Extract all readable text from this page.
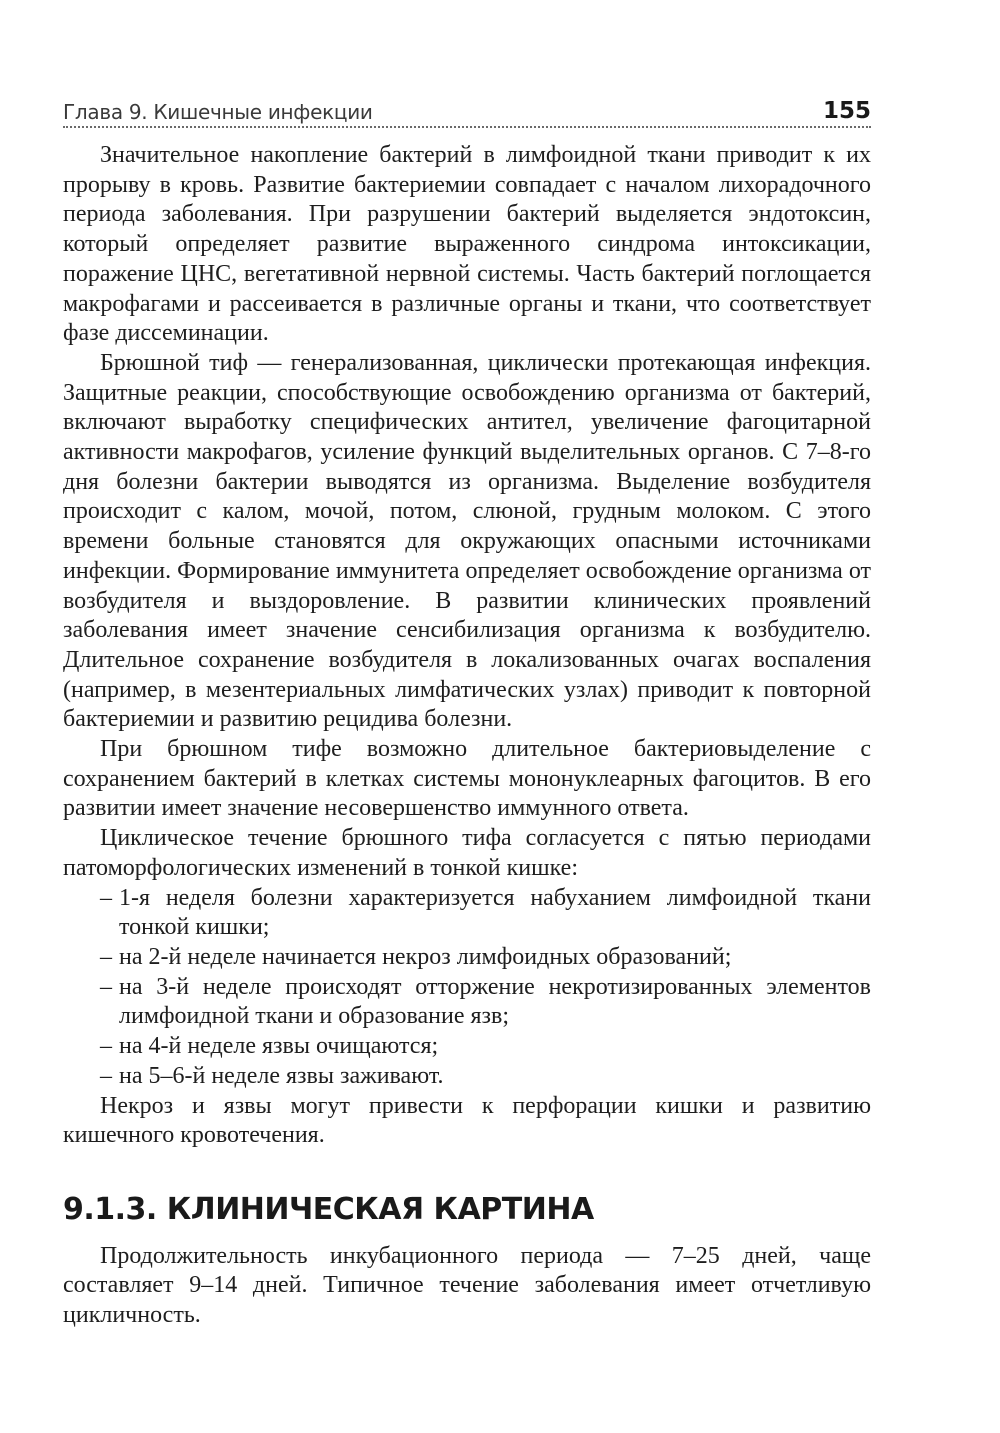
Глава 9. Кишечные инфекции	155

Значительное накопление бактерий в лимфоидной ткани приводит к их прорыву в кровь. Развитие бактериемии совпадает с началом лихорадочного периода заболевания. При разрушении бактерий выделяется эндотоксин, который определяет развитие выраженного синдрома интоксикации, поражение ЦНС, вегетативной нервной системы. Часть бактерий поглощается макрофагами и рассеивается в различные органы и ткани, что соответствует фазе диссеминации.

Брюшной тиф — генерализованная, циклически протекающая инфекция. Защитные реакции, способствующие освобождению организма от бактерий, включают выработку специфических антител, увеличение фагоцитарной активности макрофагов, усиление функций выделительных органов. С 7–8-го дня болезни бактерии выводятся из организма. Выделение возбудителя происходит с калом, мочой, потом, слюной, грудным молоком. С этого времени больные становятся для окружающих опасными источниками инфекции. Формирование иммунитета определяет освобождение организма от возбудителя и выздоровление. В развитии клинических проявлений заболевания имеет значение сенсибилизация организма к возбудителю. Длительное сохранение возбудителя в локализованных очагах воспаления (например, в мезентериальных лимфатических узлах) приводит к повторной бактериемии и развитию рецидива болезни.

При брюшном тифе возможно длительное бактериовыделение с сохранением бактерий в клетках системы мононуклеарных фагоцитов. В его развитии имеет значение несовершенство иммунного ответа.

Циклическое течение брюшного тифа согласуется с пятью периодами патоморфологических изменений в тонкой кишке:

– 1-я неделя болезни характеризуется набуханием лимфоидной ткани тонкой кишки;
– на 2-й неделе начинается некроз лимфоидных образований;
– на 3-й неделе происходят отторжение некротизированных элементов лимфоидной ткани и образование язв;
– на 4-й неделе язвы очищаются;
– на 5–6-й неделе язвы заживают.

Некроз и язвы могут привести к перфорации кишки и развитию кишечного кровотечения.

9.1.3. КЛИНИЧЕСКАЯ КАРТИНА

Продолжительность инкубационного периода — 7–25 дней, чаще составляет 9–14 дней. Типичное течение заболевания имеет отчетливую цикличность.
